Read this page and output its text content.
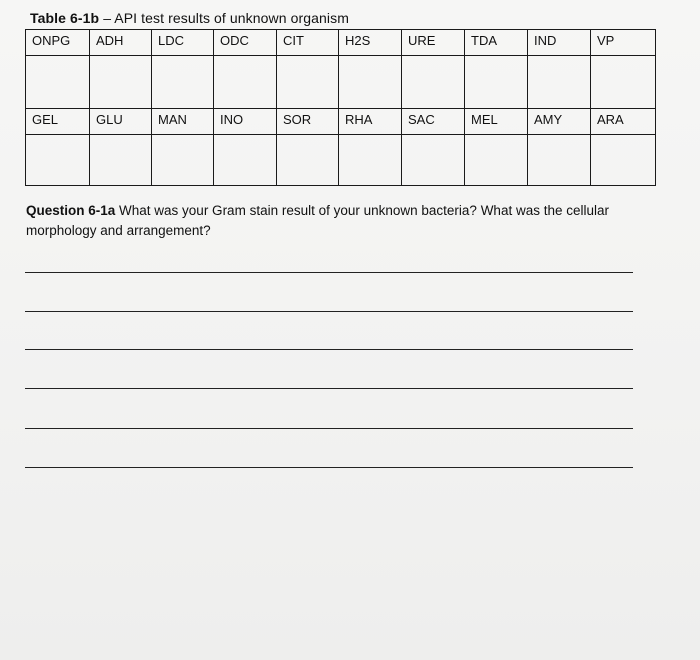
Table 6-1b – API test results of unknown organism
ONPG	ADH	LDC	ODC	CIT	H2S	URE	TDA	IND	VP

GEL	GLU	MAN	INO	SOR	RHA	SAC	MEL	AMY	ARA

Question 6-1a What was your Gram stain result of your unknown bacteria? What was the cellular morphology and arrangement?
